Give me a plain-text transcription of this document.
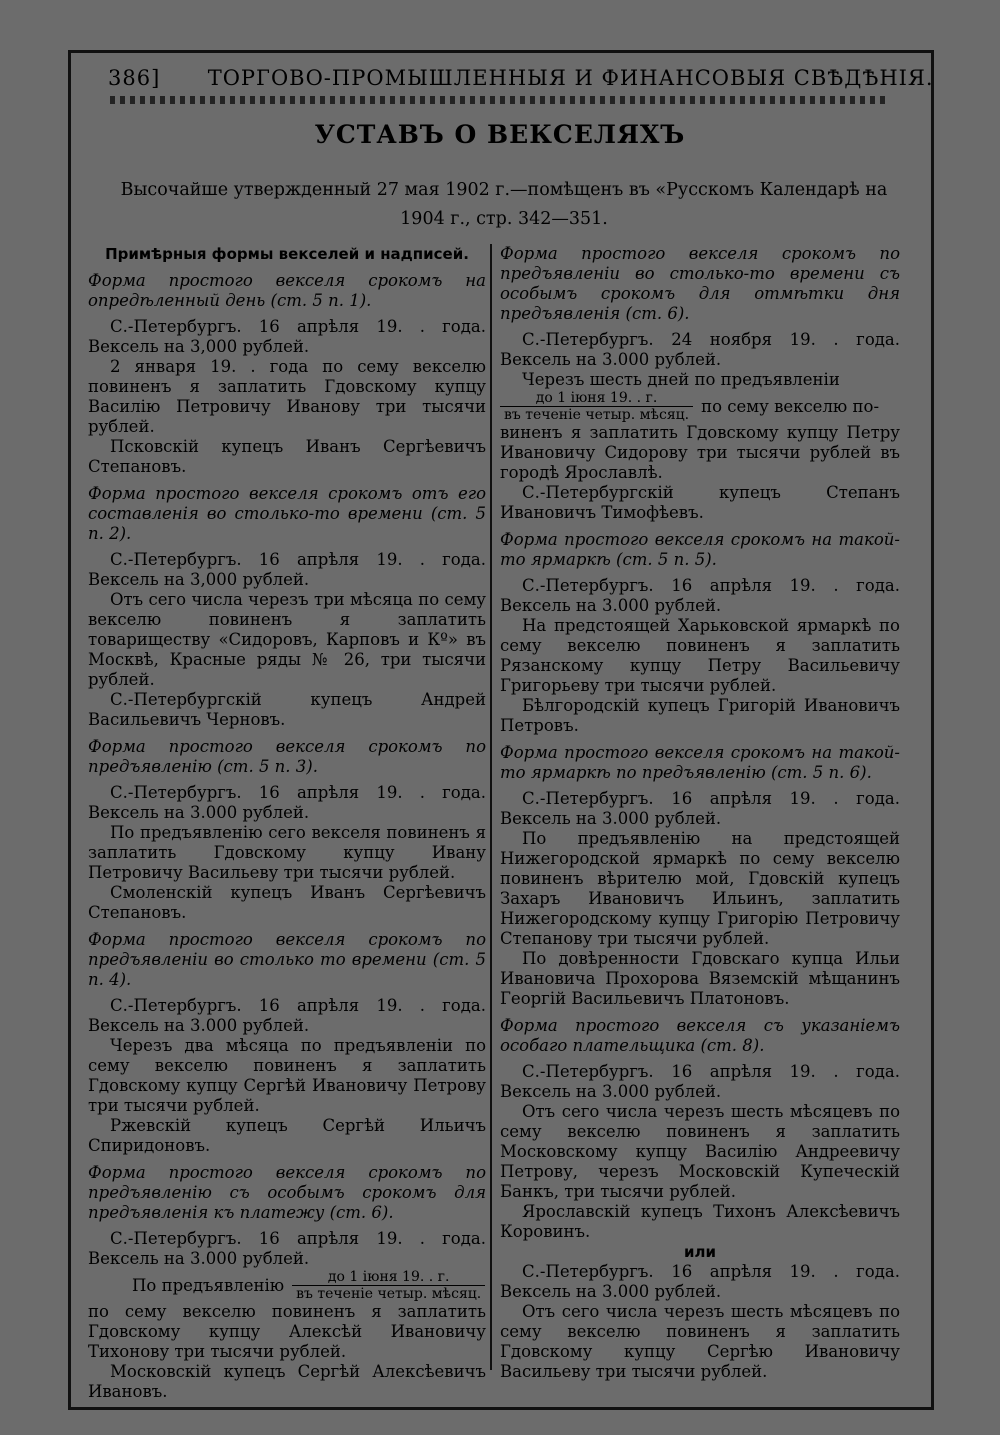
386] ТОРГОВО-ПРОМЫШЛЕННЫЯ И ФИНАНСОВЫЯ СВѢДѢНІЯ.
УСТАВЪ О ВЕКСЕЛЯХЪ
Высочайше утвержденный 27 мая 1902 г.—помѣщенъ въ «Русскомъ Календарѣ на
1904 г., стр. 342—351.

Примѣрныя формы векселей и надписей.

Форма простого векселя срокомъ на опредѣленный день (ст. 5 п. 1).

С.-Петербургъ. 16 апрѣля 19. . года. Вексель на 3,000 рублей.

2 января 19. . года по сему векселю повиненъ я заплатить Гдовскому купцу Василію Петровичу Иванову три тысячи рублей.

Псковскій купецъ Иванъ Сергѣевичъ Степановъ.

Форма простого векселя срокомъ отъ его составленія во столько-то времени (ст. 5 п. 2).

С.-Петербургъ. 16 апрѣля 19. . года. Вексель на 3,000 рублей.

Отъ сего числа черезъ три мѣсяца по сему векселю повиненъ я заплатить товариществу «Сидоровъ, Карповъ и Кº» въ Москвѣ, Красные ряды № 26, три тысячи рублей.

С.-Петербургскій купецъ Андрей Васильевичъ Черновъ.

Форма простого векселя срокомъ по предъявленію (ст. 5 п. 3).

С.-Петербургъ. 16 апрѣля 19. . года. Вексель на 3.000 рублей.

По предъявленію сего векселя повиненъ я заплатить Гдовскому купцу Ивану Петровичу Васильеву три тысячи рублей.

Смоленскій купецъ Иванъ Сергѣевичъ Степановъ.

Форма простого векселя срокомъ по предъявленіи во столько то времени (ст. 5 п. 4).

С.-Петербургъ. 16 апрѣля 19. . года. Вексель на 3.000 рублей.

Черезъ два мѣсяца по предъявленіи по сему векселю повиненъ я заплатить Гдовскому купцу Сергѣй Ивановичу Петрову три тысячи рублей.

Ржевскій купецъ Сергѣй Ильичъ Спиридоновъ.

Форма простого векселя срокомъ по предъявленію съ особымъ срокомъ для предъявленія къ платежу (ст. 6).

С.-Петербургъ. 16 апрѣля 19. . года. Вексель на 3.000 рублей.

По предъявленію $\frac{\text{до 1 іюня 19. . г.}}{\text{въ теченіе четыр. мѣсяц.}}$

по сему векселю повиненъ я заплатить Гдовскому купцу Алексѣй Ивановичу Тихонову три тысячи рублей.

Московскій купецъ Сергѣй Алексѣевичъ Ивановъ.

Форма простого векселя срокомъ по предъявленіи во столько-то времени съ особымъ срокомъ для отмѣтки дня предъявленія (ст. 6).

С.-Петербургъ. 24 ноября 19. . года. Вексель на 3.000 рублей.

Черезъ шесть дней по предъявленіи

$\frac{\text{до 1 іюня 19. . г.}}{\text{въ теченіе четыр. мѣсяц.}}$ по сему векселю по-

виненъ я заплатить Гдовскому купцу Петру Ивановичу Сидорову три тысячи рублей въ городѣ Ярославлѣ.

С.-Петербургскій купецъ Степанъ Ивановичъ Тимофѣевъ.

Форма простого векселя срокомъ на такой-то ярмаркѣ (ст. 5 п. 5).

С.-Петербургъ. 16 апрѣля 19. . года. Вексель на 3.000 рублей.

На предстоящей Харьковской ярмаркѣ по сему векселю повиненъ я заплатить Рязанскому купцу Петру Васильевичу Григорьеву три тысячи рублей.

Бѣлгородскій купецъ Григорій Ивановичъ Петровъ.

Форма простого векселя срокомъ на такой-то ярмаркѣ по предъявленію (ст. 5 п. 6).

С.-Петербургъ. 16 апрѣля 19. . года. Вексель на 3.000 рублей.

По предъявленію на предстоящей Нижегородской ярмаркѣ по сему векселю повиненъ вѣрителю мой, Гдовскій купецъ Захаръ Ивановичъ Ильинъ, заплатить Нижегородскому купцу Григорію Петровичу Степанову три тысячи рублей.

По довѣренности Гдовскаго купца Ильи Ивановича Прохорова Вяземскій мѣщанинъ Георгій Васильевичъ Платоновъ.

Форма простого векселя съ указаніемъ особаго плательщика (ст. 8).

С.-Петербургъ. 16 апрѣля 19. . года. Вексель на 3.000 рублей.

Отъ сего числа черезъ шесть мѣсяцевъ по сему векселю повиненъ я заплатить Московскому купцу Василію Андреевичу Петрову, черезъ Московскій Купеческій Банкъ, три тысячи рублей.

Ярославскій купецъ Тихонъ Алексѣевичъ Коровинъ.

или

С.-Петербургъ. 16 апрѣля 19. . года. Вексель на 3.000 рублей.

Отъ сего числа черезъ шесть мѣсяцевъ по сему векселю повиненъ я заплатить Гдовскому купцу Сергѣю Ивановичу Васильеву три тысячи рублей.
